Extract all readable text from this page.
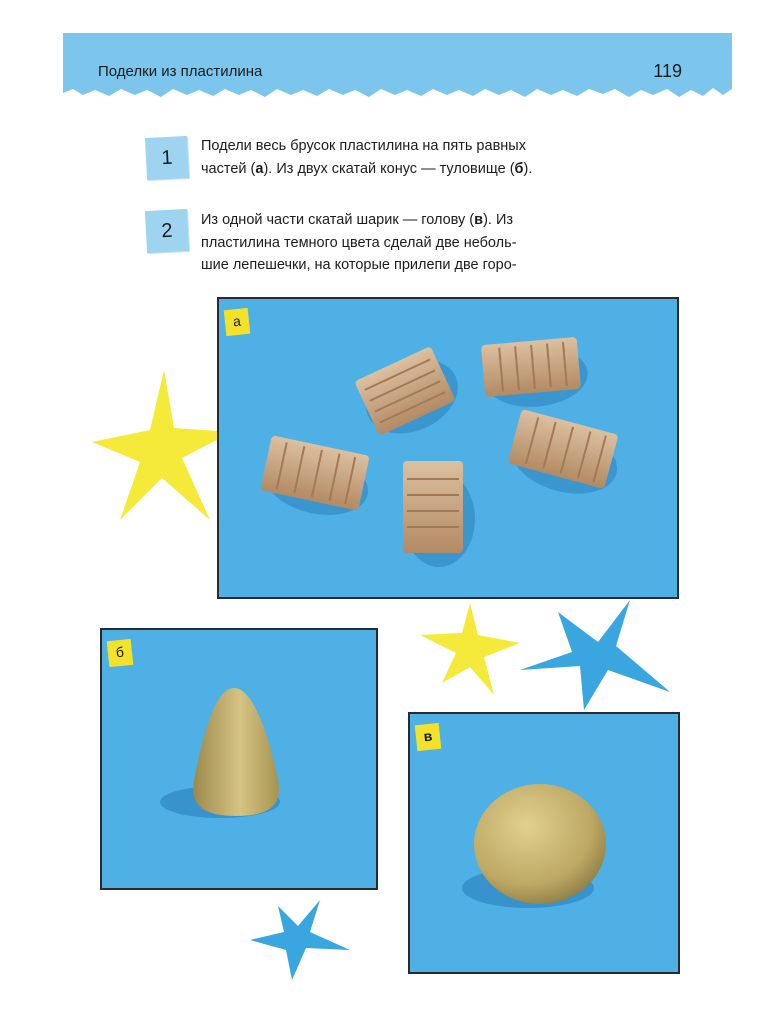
Поделки из пластилина	119
1
Подели весь брусок пластилина на пять равных
частей (а). Из двух скатай конус — туловище (б).
2	Из одной части скатай шарик — голову (в). Из
пластилина темного цвета сделай две неболь-
шие лепешечки, на которые прилепи две горо-
а
б
в
